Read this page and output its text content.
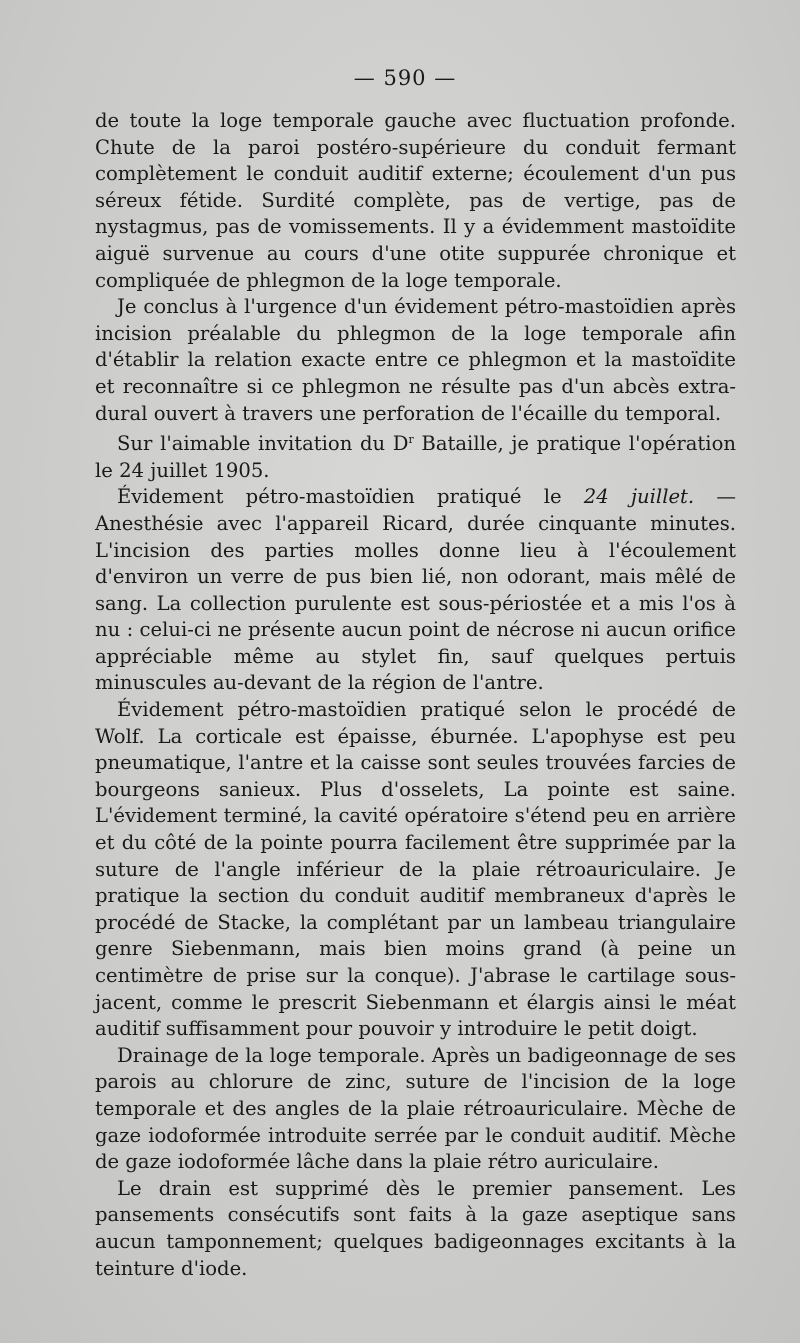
— 590 —

de toute la loge temporale gauche avec fluctuation profonde. Chute de la paroi postéro-supérieure du conduit fermant complètement le conduit auditif externe; écoulement d'un pus séreux fétide. Surdité complète, pas de vertige, pas de nystagmus, pas de vomissements. Il y a évidemment mastoïdite aiguë survenue au cours d'une otite suppurée chronique et compliquée de phlegmon de la loge temporale.

Je conclus à l'urgence d'un évidement pétro-mastoïdien après incision préalable du phlegmon de la loge temporale afin d'établir la relation exacte entre ce phlegmon et la mastoïdite et reconnaître si ce phlegmon ne résulte pas d'un abcès extra-dural ouvert à travers une perforation de l'écaille du temporal.

Sur l'aimable invitation du $D^r$ Bataille, je pratique l'opération le 24 juillet 1905.

Évidement pétro-mastoïdien pratiqué le 24 juillet. — Anesthésie avec l'appareil Ricard, durée cinquante minutes. L'incision des parties molles donne lieu à l'écoulement d'environ un verre de pus bien lié, non odorant, mais mêlé de sang. La collection purulente est sous-périostée et a mis l'os à nu : celui-ci ne présente aucun point de nécrose ni aucun orifice appréciable même au stylet fin, sauf quelques pertuis minuscules au-devant de la région de l'antre.

Évidement pétro-mastoïdien pratiqué selon le procédé de Wolf. La corticale est épaisse, éburnée. L'apophyse est peu pneumatique, l'antre et la caisse sont seules trouvées farcies de bourgeons sanieux. Plus d'osselets, La pointe est saine. L'évidement terminé, la cavité opératoire s'étend peu en arrière et du côté de la pointe pourra facilement être supprimée par la suture de l'angle inférieur de la plaie rétroauriculaire. Je pratique la section du conduit auditif membraneux d'après le procédé de Stacke, la complétant par un lambeau triangulaire genre Siebenmann, mais bien moins grand (à peine un centimètre de prise sur la conque). J'abrase le cartilage sous-jacent, comme le prescrit Siebenmann et élargis ainsi le méat auditif suffisamment pour pouvoir y introduire le petit doigt.

Drainage de la loge temporale. Après un badigeonnage de ses parois au chlorure de zinc, suture de l'incision de la loge temporale et des angles de la plaie rétroauriculaire. Mèche de gaze iodoformée introduite serrée par le conduit auditif. Mèche de gaze iodoformée lâche dans la plaie rétro auriculaire.

Le drain est supprimé dès le premier pansement. Les pansements consécutifs sont faits à la gaze aseptique sans aucun tamponnement; quelques badigeonnages excitants à la teinture d'iode.
